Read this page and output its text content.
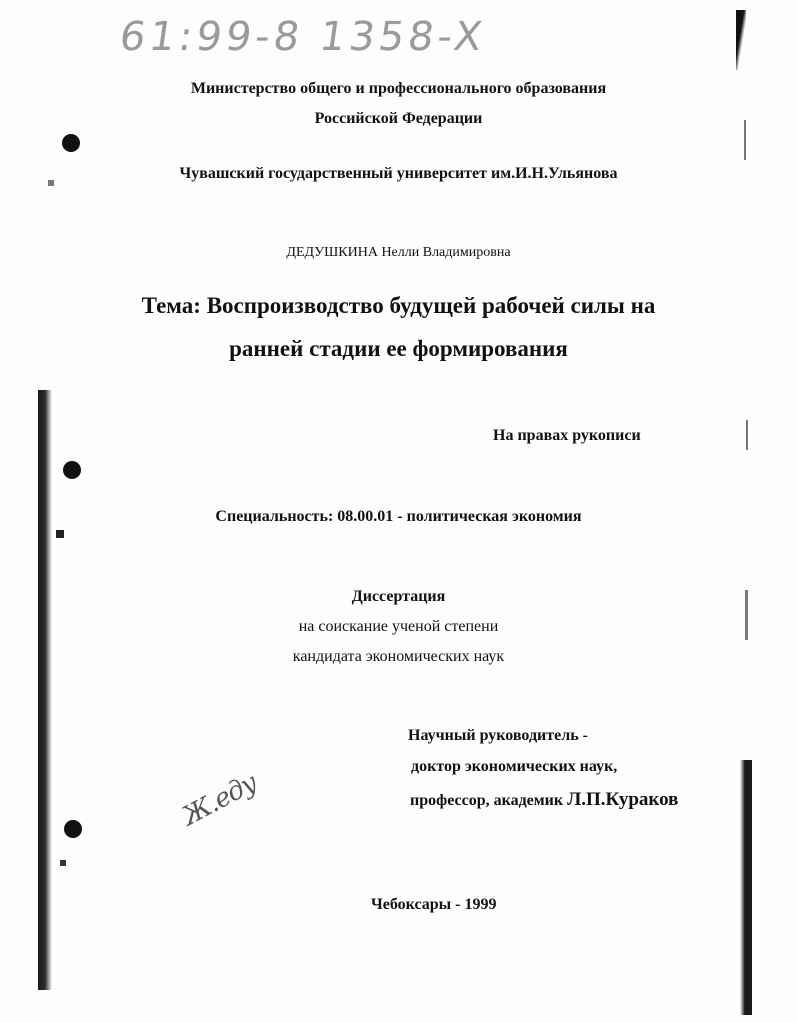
61:99-8 1358-X
Министерство общего и профессионального образования
Российской Федерации
Чувашский государственный университет им.И.Н.Ульянова
ДЕДУШКИНА Нелли Владимировна
Тема: Воспроизводство будущей рабочей силы на
ранней стадии ее формирования
На правах рукописи
Специальность: 08.00.01 - политическая экономия
Диссертация
на соискание ученой степени
кандидата экономических наук
Научный руководитель -
доктор экономических наук,
профессор, академик Л.П.Кураков
Ж.еду
Чебоксары - 1999
